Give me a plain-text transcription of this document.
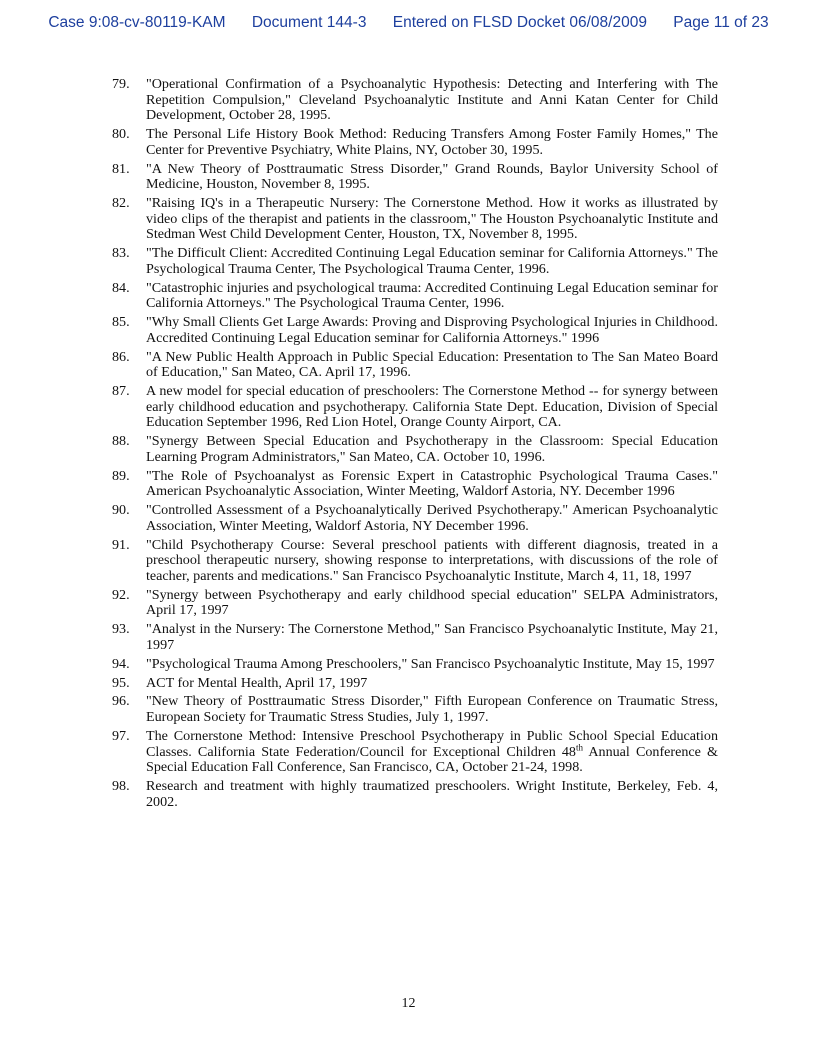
Case 9:08-cv-80119-KAM Document 144-3 Entered on FLSD Docket 06/08/2009 Page 11 of 23
79.	"Operational Confirmation of a Psychoanalytic Hypothesis: Detecting and Interfering with The Repetition Compulsion," Cleveland Psychoanalytic Institute and Anni Katan Center for Child Development, October 28, 1995.
80.	The Personal Life History Book Method: Reducing Transfers Among Foster Family Homes," The Center for Preventive Psychiatry, White Plains, NY, October 30, 1995.
81.	"A New Theory of Posttraumatic Stress Disorder," Grand Rounds, Baylor University School of Medicine, Houston, November 8, 1995.
82.	"Raising IQ's in a Therapeutic Nursery: The Cornerstone Method. How it works as illustrated by video clips of the therapist and patients in the classroom," The Houston Psychoanalytic Institute and Stedman West Child Development Center, Houston, TX, November 8, 1995.
83.	"The Difficult Client: Accredited Continuing Legal Education seminar for California Attorneys." The Psychological Trauma Center, The Psychological Trauma Center, 1996.
84.	"Catastrophic injuries and psychological trauma: Accredited Continuing Legal Education seminar for California Attorneys." The Psychological Trauma Center, 1996.
85.	"Why Small Clients Get Large Awards: Proving and Disproving Psychological Injuries in Childhood. Accredited Continuing Legal Education seminar for California Attorneys." 1996
86.	"A New Public Health Approach in Public Special Education: Presentation to The San Mateo Board of Education," San Mateo, CA. April 17, 1996.
87.	A new model for special education of preschoolers: The Cornerstone Method -- for synergy between early childhood education and psychotherapy. California State Dept. Education, Division of Special Education September 1996, Red Lion Hotel, Orange County Airport, CA.
88.	"Synergy Between Special Education and Psychotherapy in the Classroom: Special Education Learning Program Administrators," San Mateo, CA. October 10, 1996.
89.	"The Role of Psychoanalyst as Forensic Expert in Catastrophic Psychological Trauma Cases." American Psychoanalytic Association, Winter Meeting, Waldorf Astoria, NY. December 1996
90.	"Controlled Assessment of a Psychoanalytically Derived Psychotherapy." American Psychoanalytic Association, Winter Meeting, Waldorf Astoria, NY December 1996.
91.	"Child Psychotherapy Course: Several preschool patients with different diagnosis, treated in a preschool therapeutic nursery, showing response to interpretations, with discussions of the role of teacher, parents and medications." San Francisco Psychoanalytic Institute, March 4, 11, 18, 1997
92.	"Synergy between Psychotherapy and early childhood special education" SELPA Administrators, April 17, 1997
93.	"Analyst in the Nursery: The Cornerstone Method," San Francisco Psychoanalytic Institute, May 21, 1997
94.	"Psychological Trauma Among Preschoolers," San Francisco Psychoanalytic Institute, May 15, 1997
95.	ACT for Mental Health, April 17, 1997
96.	"New Theory of Posttraumatic Stress Disorder," Fifth European Conference on Traumatic Stress, European Society for Traumatic Stress Studies, July 1, 1997.
97.	The Cornerstone Method: Intensive Preschool Psychotherapy in Public School Special Education Classes. California State Federation/Council for Exceptional Children 48th Annual Conference & Special Education Fall Conference, San Francisco, CA, October 21-24, 1998.
98.	Research and treatment with highly traumatized preschoolers. Wright Institute, Berkeley, Feb. 4, 2002.
12
